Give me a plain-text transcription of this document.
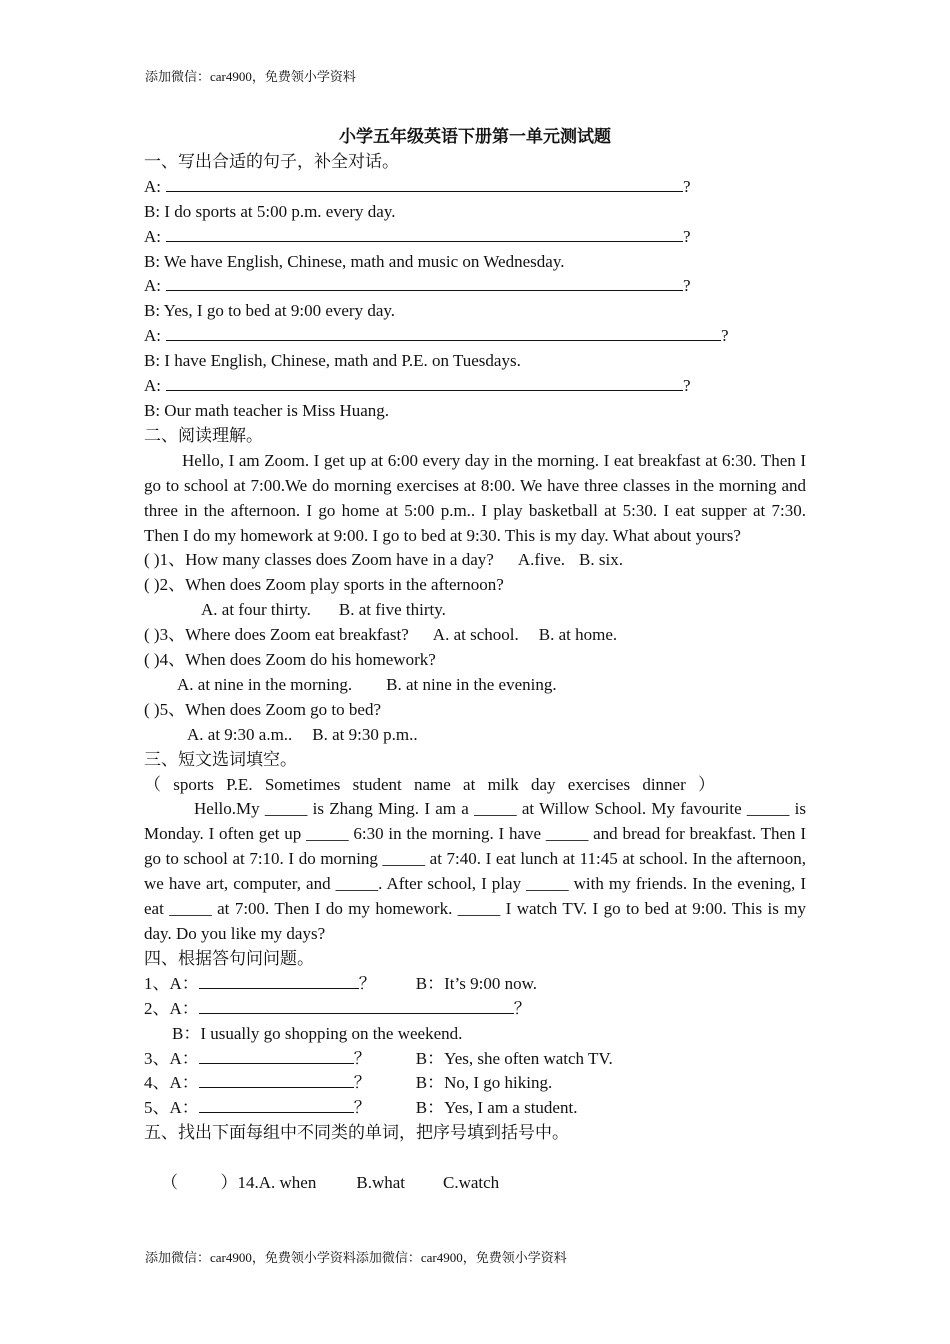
添加微信：car4900，免费领小学资料
小学五年级英语下册第一单元测试题
一、写出合适的句子，补全对话。
A:	?
B: I do sports at 5:00 p.m. every day.
A:	?
B: We have English, Chinese, math and music on Wednesday.
A:	?
B: Yes, I go to bed at 9:00 every day.
A:	?
B: I have English, Chinese, math and P.E. on Tuesdays.
A:	?
B: Our math teacher is Miss Huang.
二、阅读理解。
Hello, I am Zoom. I get up at 6:00 every day in the morning. I eat breakfast at 6:30. Then I go to school at 7:00.We do morning exercises at 8:00. We have three classes in the morning and three in the afternoon. I go home at 5:00 p.m.. I play basketball at 5:30. I eat supper at 7:30. Then I do my homework at 9:00. I go to bed at 9:30. This is my day. What about yours?
( )1、How many classes does Zoom have in a day? A.five. B. six.
( )2、When does Zoom play sports in the afternoon?
A. at four thirty. B. at five thirty.
( )3、Where does Zoom eat breakfast? A. at school. B. at home.
( )4、When does Zoom do his homework?
A. at nine in the morning. B. at nine in the evening.
( )5、When does Zoom go to bed?
A. at 9:30 a.m.. B. at 9:30 p.m..
三、短文选词填空。
（ sports P.E. Sometimes student name at milk day exercises dinner ）
Hello.My _____ is Zhang Ming. I am a _____ at Willow School. My favourite _____ is Monday. I often get up _____ 6:30 in the morning. I have _____ and bread for breakfast. Then I go to school at 7:10. I do morning _____ at 7:40. I eat lunch at 11:45 at school. In the afternoon, we have art, computer, and _____. After school, I play _____ with my friends. In the evening, I eat _____ at 7:00. Then I do my homework. _____ I watch TV. I go to bed at 9:00. This is my day. Do you like my days?
四、根据答句问问题。
1、A：	？ B：It’s 9:00 now.
2、A：	？
B：I usually go shopping on the weekend.
3、A：	？	B：Yes, she often watch TV.
4、A：	？	B：No, I go hiking.
5、A：	？	B：Yes, I am a student.
五、找出下面每组中不同类的单词，把序号填到括号中。

（          ）14.A. when B.what C.watch

添加微信：car4900，免费领小学资料添加微信：car4900，免费领小学资料
